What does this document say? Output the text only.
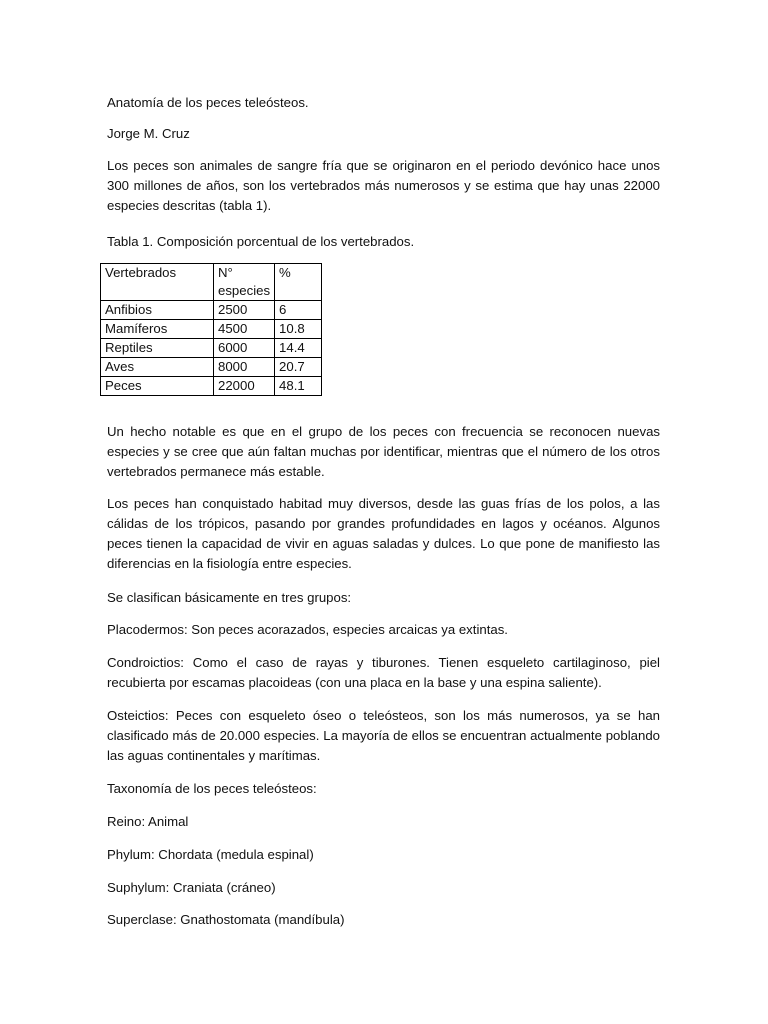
Anatomía de los peces teleósteos.

Jorge M. Cruz

Los peces son animales de sangre fría que se originaron en el periodo devónico hace unos 300 millones de años, son los vertebrados más numerosos y se estima que hay unas 22000 especies descritas (tabla 1).

Tabla 1. Composición porcentual de los vertebrados.

Vertebrados	N° especies	%
Anfibios	2500	6
Mamíferos	4500	10.8
Reptiles	6000	14.4
Aves	8000	20.7
Peces	22000	48.1

Un hecho notable es que en el grupo de los peces con frecuencia se reconocen nuevas especies y se cree que aún faltan muchas por identificar, mientras que el número de los otros vertebrados permanece más estable.

Los peces han conquistado habitad muy diversos, desde las guas frías de los polos, a las cálidas de los trópicos, pasando por grandes profundidades en lagos y océanos. Algunos peces tienen la capacidad de vivir en aguas saladas y dulces. Lo que pone de manifiesto las diferencias en la fisiología entre especies.

Se clasifican básicamente en tres grupos:

Placodermos: Son peces acorazados, especies arcaicas ya extintas.

Condroictios: Como el caso de rayas y tiburones. Tienen esqueleto cartilaginoso, piel recubierta por escamas placoideas (con una placa en la base y una espina saliente).

Osteictios: Peces con esqueleto óseo o teleósteos, son los más numerosos, ya se han clasificado más de 20.000 especies. La mayoría de ellos se encuentran actualmente poblando las aguas continentales y marítimas.

Taxonomía de los peces teleósteos:

Reino: Animal

Phylum: Chordata (medula espinal)

Suphylum: Craniata (cráneo)

Superclase: Gnathostomata (mandíbula)
